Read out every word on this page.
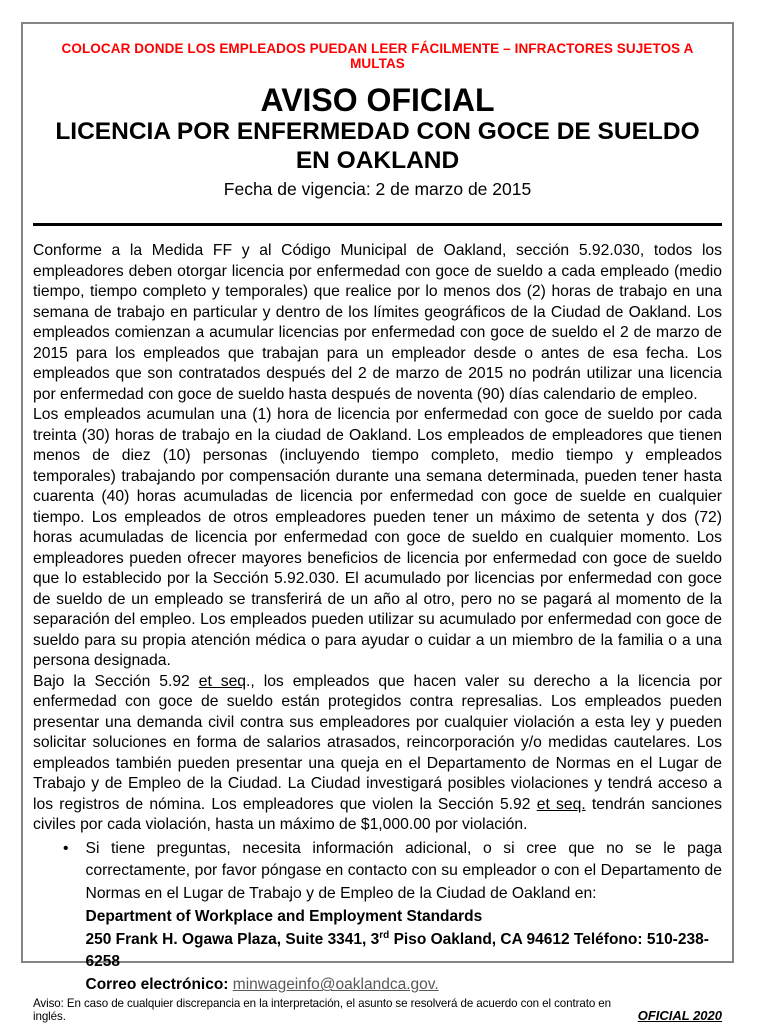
COLOCAR DONDE LOS EMPLEADOS PUEDAN LEER FÁCILMENTE – INFRACTORES SUJETOS A MULTAS
AVISO OFICIAL
LICENCIA POR ENFERMEDAD CON GOCE DE SUELDO
EN OAKLAND
Fecha de vigencia: 2 de marzo de 2015

Conforme a la Medida FF y al Código Municipal de Oakland, sección 5.92.030, todos los empleadores deben otorgar licencia por enfermedad con goce de sueldo a cada empleado (medio tiempo, tiempo completo y temporales) que realice por lo menos dos (2) horas de trabajo en una semana de trabajo en particular y dentro de los límites geográficos de la Ciudad de Oakland. Los empleados comienzan a acumular licencias por enfermedad con goce de sueldo el 2 de marzo de 2015 para los empleados que trabajan para un empleador desde o antes de esa fecha. Los empleados que son contratados después del 2 de marzo de 2015 no podrán utilizar una licencia por enfermedad con goce de sueldo hasta después de noventa (90) días calendario de empleo.

Los empleados acumulan una (1) hora de licencia por enfermedad con goce de sueldo por cada treinta (30) horas de trabajo en la ciudad de Oakland. Los empleados de empleadores que tienen menos de diez (10) personas (incluyendo tiempo completo, medio tiempo y empleados temporales) trabajando por compensación durante una semana determinada, pueden tener hasta cuarenta (40) horas acumuladas de licencia por enfermedad con goce de suelde en cualquier tiempo. Los empleados de otros empleadores pueden tener un máximo de setenta y dos (72) horas acumuladas de licencia por enfermedad con goce de sueldo en cualquier momento. Los empleadores pueden ofrecer mayores beneficios de licencia por enfermedad con goce de sueldo que lo establecido por la Sección 5.92.030. El acumulado por licencias por enfermedad con goce de sueldo de un empleado se transferirá de un año al otro, pero no se pagará al momento de la separación del empleo. Los empleados pueden utilizar su acumulado por enfermedad con goce de sueldo para su propia atención médica o para ayudar o cuidar a un miembro de la familia o a una persona designada.

Bajo la Sección 5.92 et seq., los empleados que hacen valer su derecho a la licencia por enfermedad con goce de sueldo están protegidos contra represalias. Los empleados pueden presentar una demanda civil contra sus empleadores por cualquier violación a esta ley y pueden solicitar soluciones en forma de salarios atrasados, reincorporación y/o medidas cautelares. Los empleados también pueden presentar una queja en el Departamento de Normas en el Lugar de Trabajo y de Empleo de la Ciudad. La Ciudad investigará posibles violaciones y tendrá acceso a los registros de nómina. Los empleadores que violen la Sección 5.92 et seq. tendrán sanciones civiles por cada violación, hasta un máximo de $1,000.00 por violación.

•	Si tiene preguntas, necesita información adicional, o si cree que no se le paga correctamente, por favor póngase en contacto con su empleador o con el Departamento de Normas en el Lugar de Trabajo y de Empleo de la Ciudad de Oakland en:

Department of Workplace and Employment Standards

250 Frank H. Ogawa Plaza, Suite 3341, 3rd Piso Oakland, CA 94612 Teléfono: 510-238-6258

Correo electrónico: minwageinfo@oaklandca.gov.

Aviso: En caso de cualquier discrepancia en la interpretación, el asunto se resolverá de acuerdo con el contrato en inglés.	OFICIAL 2020
